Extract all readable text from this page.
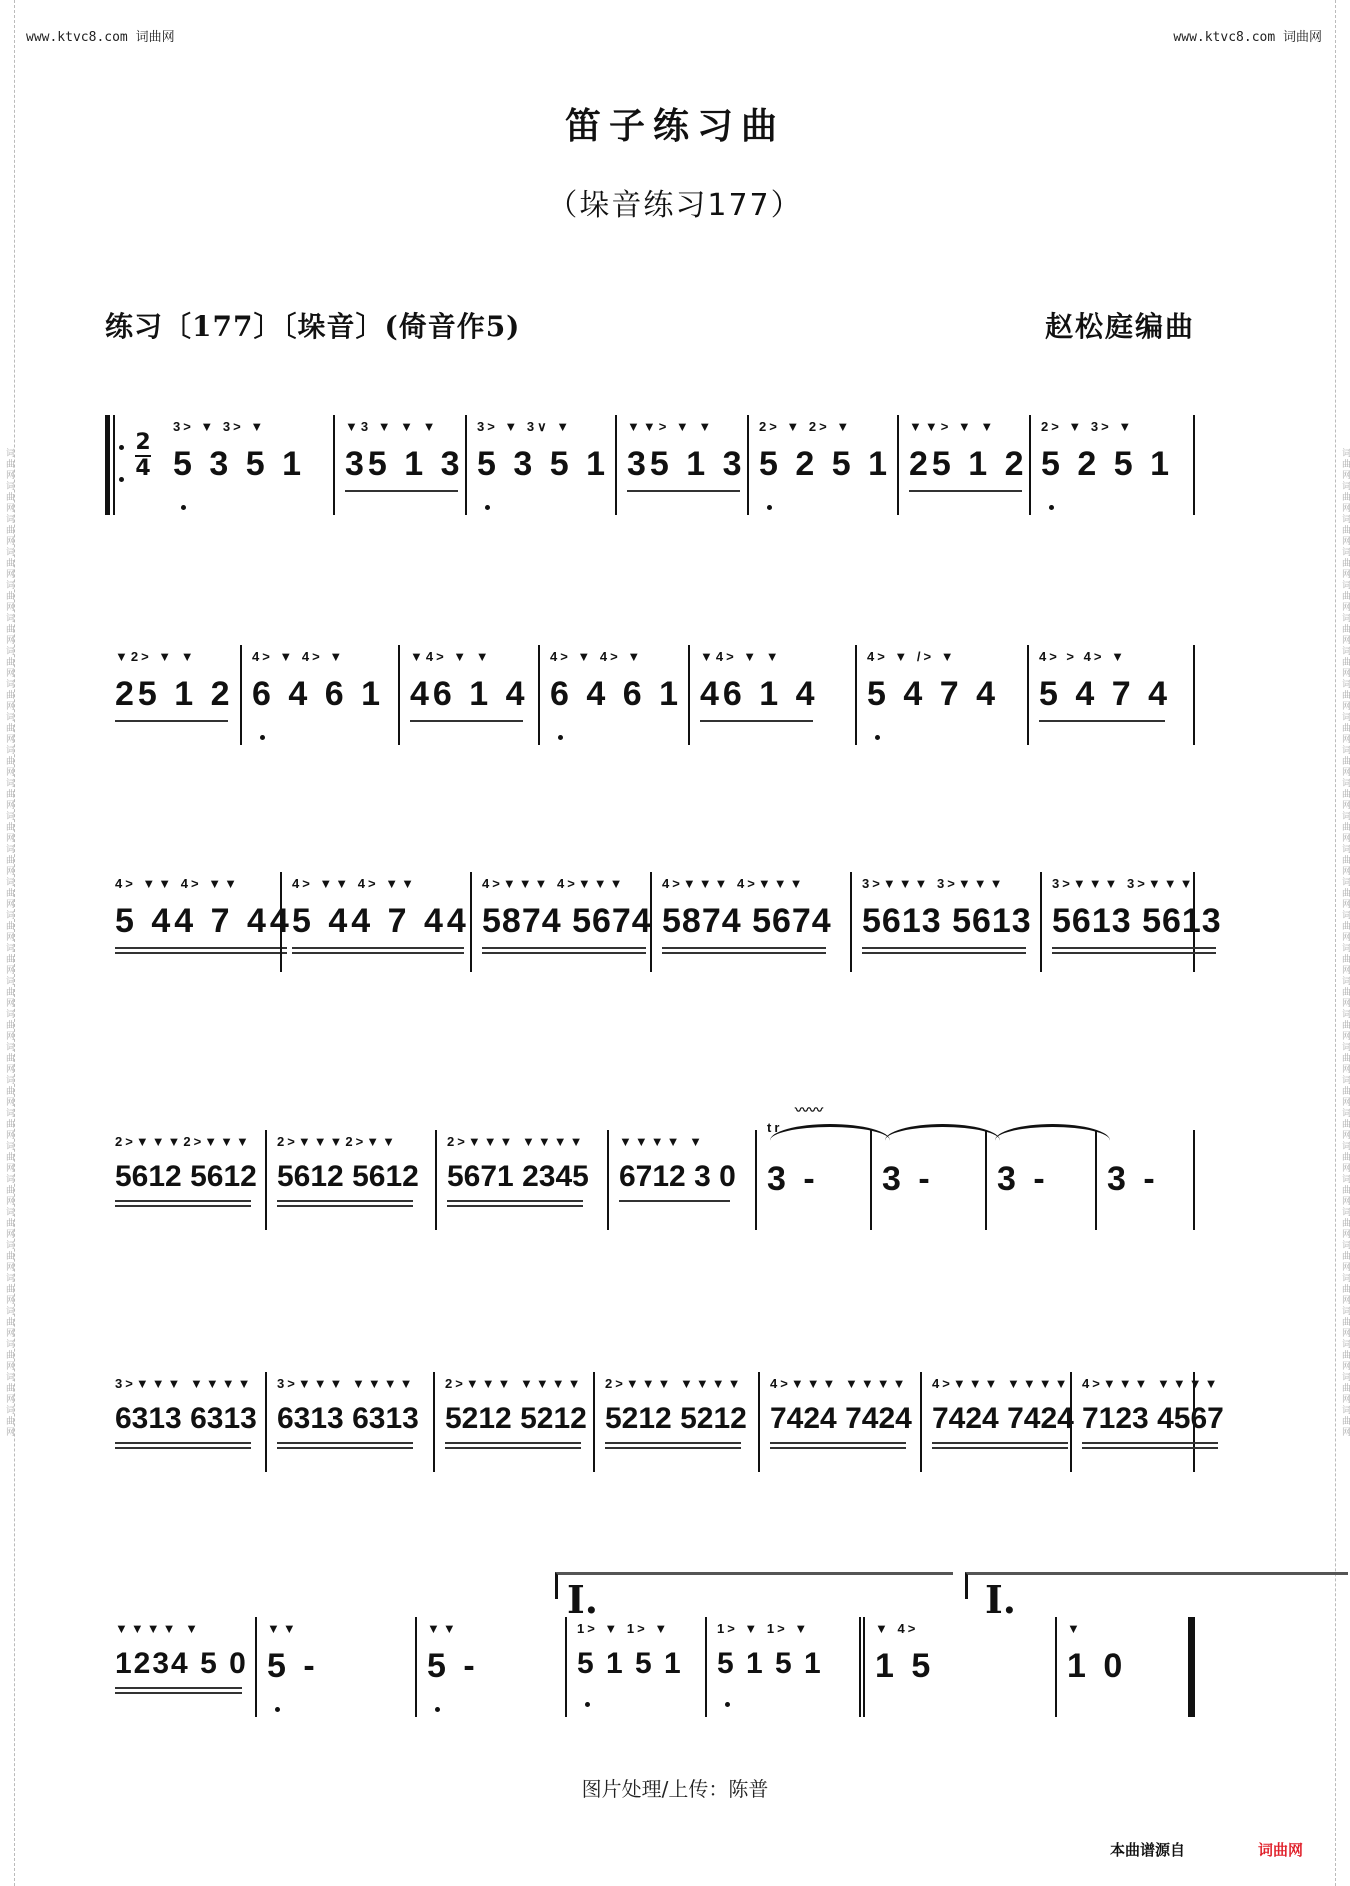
词曲网词曲网词曲网词曲网词曲网词曲网词曲网词曲网词曲网词曲网词曲网词曲网词曲网词曲网词曲网词曲网词曲网词曲网词曲网词曲网词曲网词曲网词曲网词曲网词曲网词曲网词曲网词曲网词曲网词曲网	词曲网词曲网词曲网词曲网词曲网词曲网词曲网词曲网词曲网词曲网词曲网词曲网词曲网词曲网词曲网词曲网词曲网词曲网词曲网词曲网词曲网词曲网词曲网词曲网词曲网词曲网词曲网词曲网词曲网词曲网
www.ktvc8.com 词曲网	www.ktvc8.com 词曲网
笛子练习曲
（垛音练习177）
练习〔177〕〔垛音〕(倚音作5)	赵松庭编曲
2
4
3> ▼ 3> ▼
5 3 5 1
▼3 ▼ ▼ ▼
35 1 3
3> ▼ 3∨ ▼
5 3 5 1
▼▼> ▼ ▼
35 1 3
2> ▼ 2> ▼
5 2 5 1
▼▼> ▼ ▼
25 1 2
2> ▼ 3> ▼
5 2 5 1
▼2> ▼ ▼
25 1 2
4> ▼ 4> ▼
6 4 6 1
▼4> ▼ ▼
46 1 4
4> ▼ 4> ▼
6 4 6 1
▼4> ▼ ▼
46 1 4
4> ▼ /> ▼
5 4 7 4
4> > 4> ▼
5 4 7 4
4> ▼▼ 4> ▼▼
5 44 7 44
4> ▼▼ 4> ▼▼
5 44 7 44
4>▼▼▼ 4>▼▼▼
5874 5674
4>▼▼▼ 4>▼▼▼
5874 5674
3>▼▼▼ 3>▼▼▼
5613 5613
3>▼▼▼ 3>▼▼▼
5613 5613
2>▼▼▼2>▼▼▼
5612 5612
2>▼▼▼2>▼▼
5612 5612
2>▼▼▼ ▼▼▼▼
5671 2345
▼▼▼▼ ▼
6712 3 0
tr
3 - 3 - 3 - 3 -
〰〰
3>▼▼▼ ▼▼▼▼
6313 6313
3>▼▼▼ ▼▼▼▼
6313 6313
2>▼▼▼ ▼▼▼▼
5212 5212
2>▼▼▼ ▼▼▼▼
5212 5212
4>▼▼▼ ▼▼▼▼
7424 7424
4>▼▼▼ ▼▼▼▼
7424 7424
4>▼▼▼ ▼▼▼▼
7123 4567
I.	I.
▼▼▼▼ ▼
1234 5 0
▼▼
5 -
▼▼
5 -
1> ▼ 1> ▼
5 1 5 1
1> ▼ 1> ▼
5 1 5 1
▼ 4>
1 5
▼
1 0
图片处理/上传：陈普
本曲谱源自	词曲网
